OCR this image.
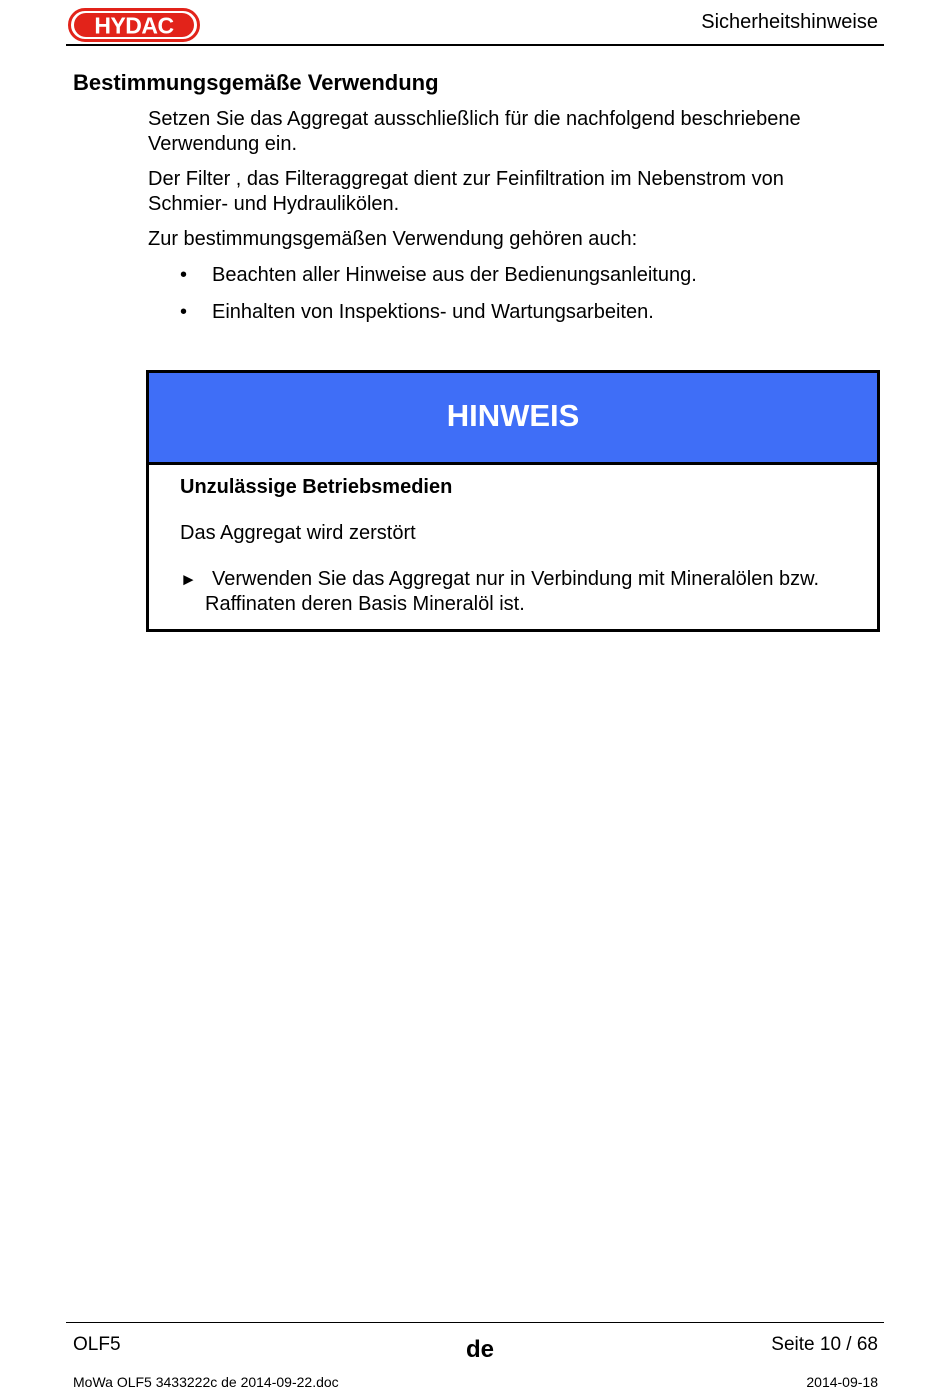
HYDAC	Sicherheitshinweise
Bestimmungsgemäße Verwendung
Setzen Sie das Aggregat ausschließlich für die nachfolgend beschriebene Verwendung ein.
Der Filter , das Filteraggregat dient zur Feinfiltration im Nebenstrom von Schmier- und Hydraulikölen.
Zur bestimmungsgemäßen Verwendung gehören auch:
• Beachten aller Hinweise aus der Bedienungsanleitung.
• Einhalten von Inspektions- und Wartungsarbeiten.
HINWEIS
Unzulässige Betriebsmedien
Das Aggregat wird zerstört
► Verwenden Sie das Aggregat nur in Verbindung mit Mineralölen bzw. Raffinaten deren Basis Mineralöl ist.
OLF5	de	Seite 10 / 68
MoWa OLF5 3433222c de 2014-09-22.doc	2014-09-18
